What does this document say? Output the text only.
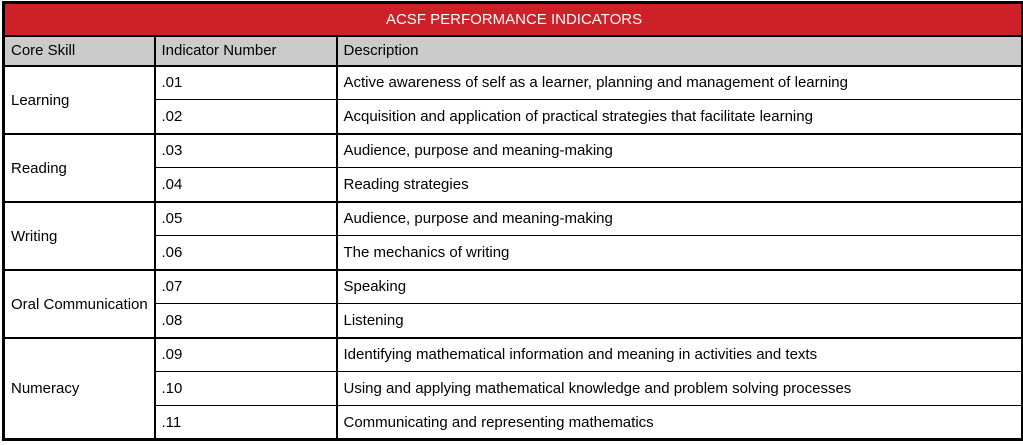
ACSF PERFORMANCE INDICATORS		
Core Skill	Indicator Number	Description
Learning	.01	Active awareness of self as a learner, planning and management of learning
	.02	Acquisition and application of practical strategies that facilitate learning
Reading	.03	Audience, purpose and meaning-making
	.04	Reading strategies
Writing	.05	Audience, purpose and meaning-making
	.06	The mechanics of writing
Oral Communication	.07	Speaking
	.08	Listening
Numeracy	.09	Identifying mathematical information and meaning in activities and texts
	.10	Using and applying mathematical knowledge and problem solving processes
	.11	Communicating and representing mathematics
